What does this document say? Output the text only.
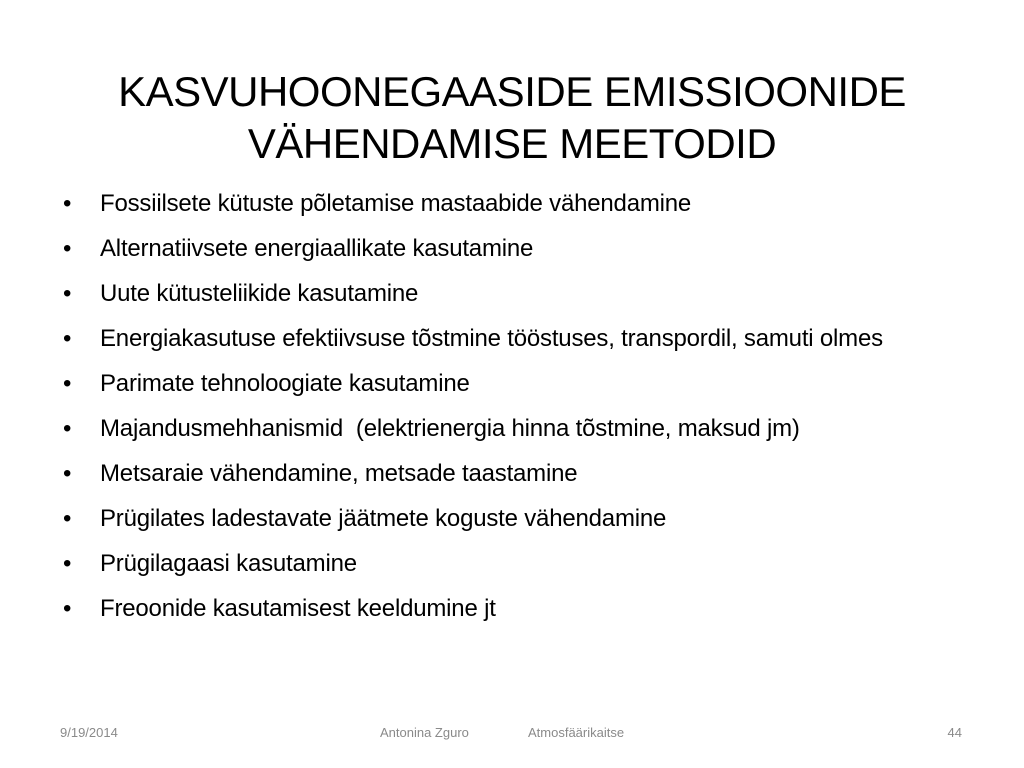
KASVUHOONEGAASIDE EMISSIOONIDE
VÄHENDAMISE MEETODID
• Fossiilsete kütuste põletamise mastaabide vähendamine
• Alternatiivsete energiaallikate kasutamine
• Uute kütusteliikide kasutamine
• Energiakasutuse efektiivsuse tõstmine tööstuses, transpordil, samuti olmes
• Parimate tehnoloogiate kasutamine
• Majandusmehhanismid  (elektrienergia hinna tõstmine, maksud jm)
• Metsaraie vähendamine, metsade taastamine
• Prügilates ladestavate jäätmete koguste vähendamine
• Prügilagaasi kasutamine
• Freoonide kasutamisest keeldumine jt
9/19/2014	Antonina Zguro	Atmosfäärikaitse	44
